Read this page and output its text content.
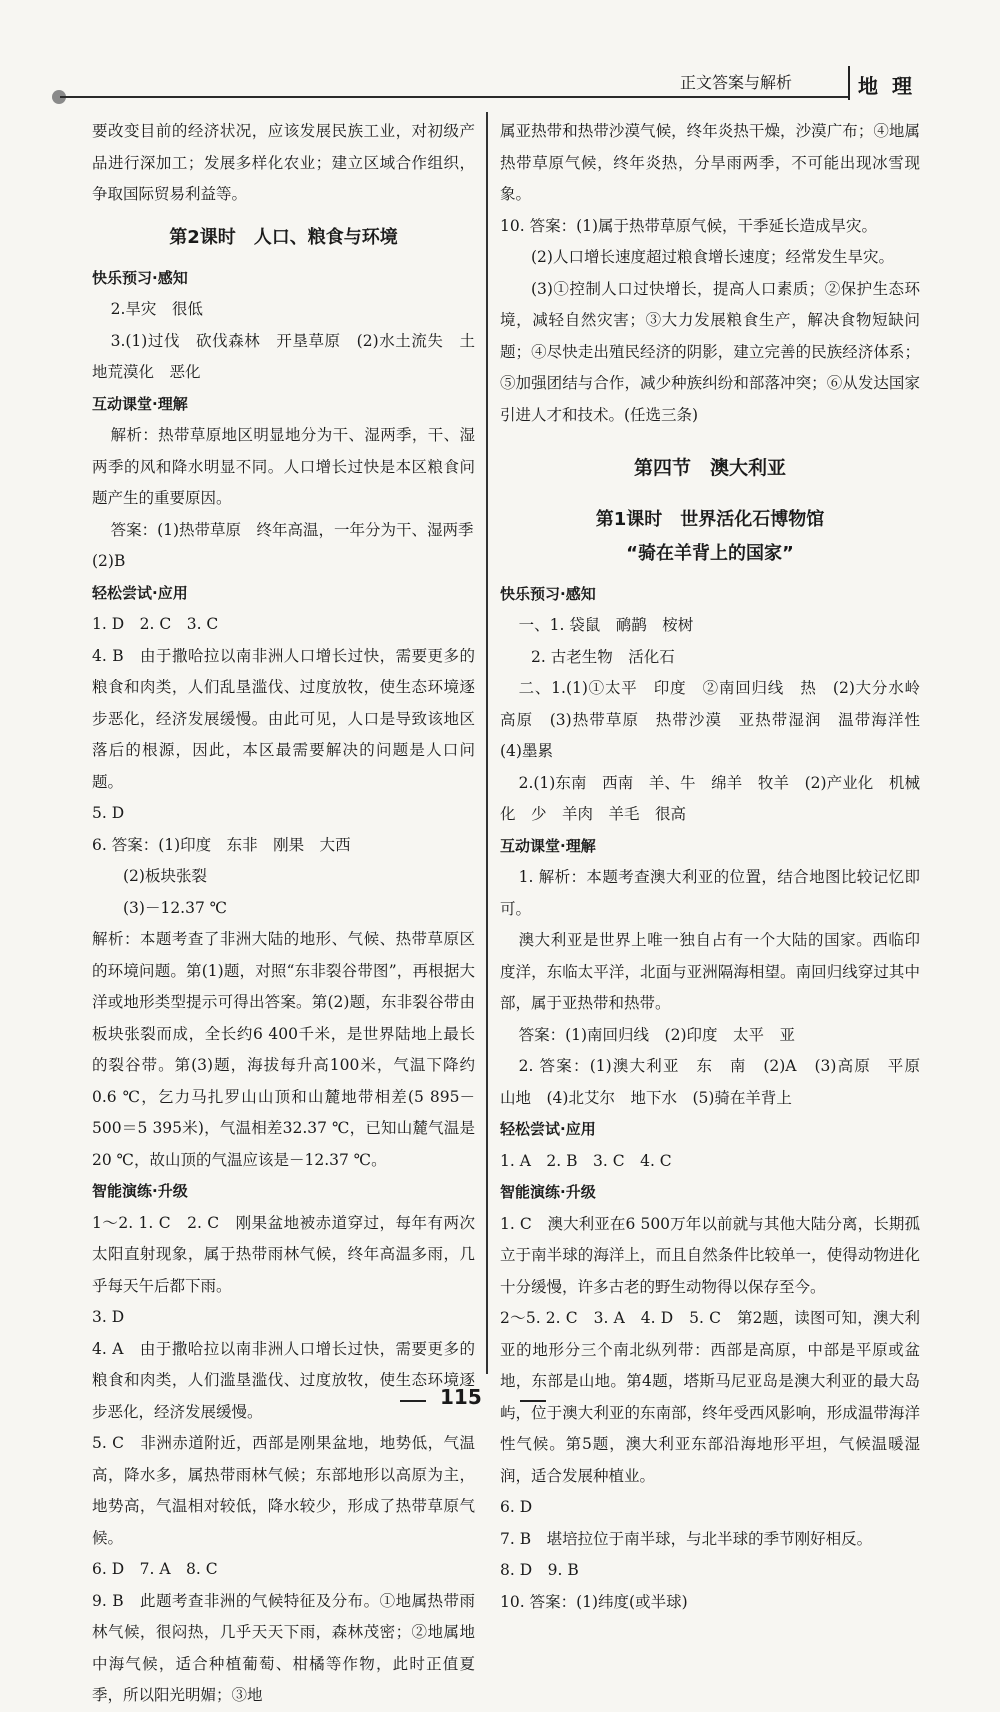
正文答案与解析	地理
要改变目前的经济状况，应该发展民族工业，对初级产品进行深加工；发展多样化农业；建立区域合作组织，争取国际贸易利益等。
第2课时　人口、粮食与环境
快乐预习·感知
2.旱灾　很低
3.(1)过伐　砍伐森林　开垦草原　(2)水土流失　土地荒漠化　恶化
互动课堂·理解
解析：热带草原地区明显地分为干、湿两季，干、湿两季的风和降水明显不同。人口增长过快是本区粮食问题产生的重要原因。
答案：(1)热带草原　终年高温，一年分为干、湿两季
(2)B
轻松尝试·应用
1. D　2. C　3. C
4. B　由于撒哈拉以南非洲人口增长过快，需要更多的粮食和肉类，人们乱垦滥伐、过度放牧，使生态环境逐步恶化，经济发展缓慢。由此可见，人口是导致该地区落后的根源，因此，本区最需要解决的问题是人口问题。
5. D
6. 答案：(1)印度　东非　刚果　大西
(2)板块张裂
(3)－12.37 ℃
解析：本题考查了非洲大陆的地形、气候、热带草原区的环境问题。第(1)题，对照“东非裂谷带图”，再根据大洋或地形类型提示可得出答案。第(2)题，东非裂谷带由板块张裂而成，全长约6 400千米，是世界陆地上最长的裂谷带。第(3)题，海拔每升高100米，气温下降约0.6 ℃，乞力马扎罗山山顶和山麓地带相差(5 895－500＝5 395米)，气温相差32.37 ℃，已知山麓气温是20 ℃，故山顶的气温应该是－12.37 ℃。
智能演练·升级
1～2. 1. C　2. C　刚果盆地被赤道穿过，每年有两次太阳直射现象，属于热带雨林气候，终年高温多雨，几乎每天午后都下雨。
3. D
4. A　由于撒哈拉以南非洲人口增长过快，需要更多的粮食和肉类，人们滥垦滥伐、过度放牧，使生态环境逐步恶化，经济发展缓慢。
5. C　非洲赤道附近，西部是刚果盆地，地势低，气温高，降水多，属热带雨林气候；东部地形以高原为主，地势高，气温相对较低，降水较少，形成了热带草原气候。
6. D　7. A　8. C
9. B　此题考查非洲的气候特征及分布。①地属热带雨林气候，很闷热，几乎天天下雨，森林茂密；②地属地中海气候，适合种植葡萄、柑橘等作物，此时正值夏季，所以阳光明媚；③地
属亚热带和热带沙漠气候，终年炎热干燥，沙漠广布；④地属热带草原气候，终年炎热，分旱雨两季，不可能出现冰雪现象。
10. 答案：(1)属于热带草原气候，干季延长造成旱灾。
(2)人口增长速度超过粮食增长速度；经常发生旱灾。
(3)①控制人口过快增长，提高人口素质；②保护生态环境，减轻自然灾害；③大力发展粮食生产，解决食物短缺问题；④尽快走出殖民经济的阴影，建立完善的民族经济体系；⑤加强团结与合作，减少种族纠纷和部落冲突；⑥从发达国家引进人才和技术。(任选三条)
第四节　澳大利亚
第1课时　世界活化石博物馆
“骑在羊背上的国家”
快乐预习·感知
一、1. 袋鼠　鸸鹋　桉树
2. 古老生物　活化石
二、1.(1)①太平　印度　②南回归线　热　(2)大分水岭　高原　(3)热带草原　热带沙漠　亚热带湿润　温带海洋性　(4)墨累
2.(1)东南　西南　羊、牛　绵羊　牧羊　(2)产业化　机械化　少　羊肉　羊毛　很高
互动课堂·理解
1. 解析：本题考查澳大利亚的位置，结合地图比较记忆即可。
澳大利亚是世界上唯一独自占有一个大陆的国家。西临印度洋，东临太平洋，北面与亚洲隔海相望。南回归线穿过其中部，属于亚热带和热带。
答案：(1)南回归线　(2)印度　太平　亚
2. 答案：(1)澳大利亚　东　南　(2)A　(3)高原　平原　山地　(4)北艾尔　地下水　(5)骑在羊背上
轻松尝试·应用
1. A　2. B　3. C　4. C
智能演练·升级
1. C　澳大利亚在6 500万年以前就与其他大陆分离，长期孤立于南半球的海洋上，而且自然条件比较单一，使得动物进化十分缓慢，许多古老的野生动物得以保存至今。
2～5. 2. C　3. A　4. D　5. C　第2题，读图可知，澳大利亚的地形分三个南北纵列带：西部是高原，中部是平原或盆地，东部是山地。第4题，塔斯马尼亚岛是澳大利亚的最大岛屿，位于澳大利亚的东南部，终年受西风影响，形成温带海洋性气候。第5题，澳大利亚东部沿海地形平坦，气候温暖湿润，适合发展种植业。
6. D
7. B　堪培拉位于南半球，与北半球的季节刚好相反。
8. D　9. B
10. 答案：(1)纬度(或半球)
115
